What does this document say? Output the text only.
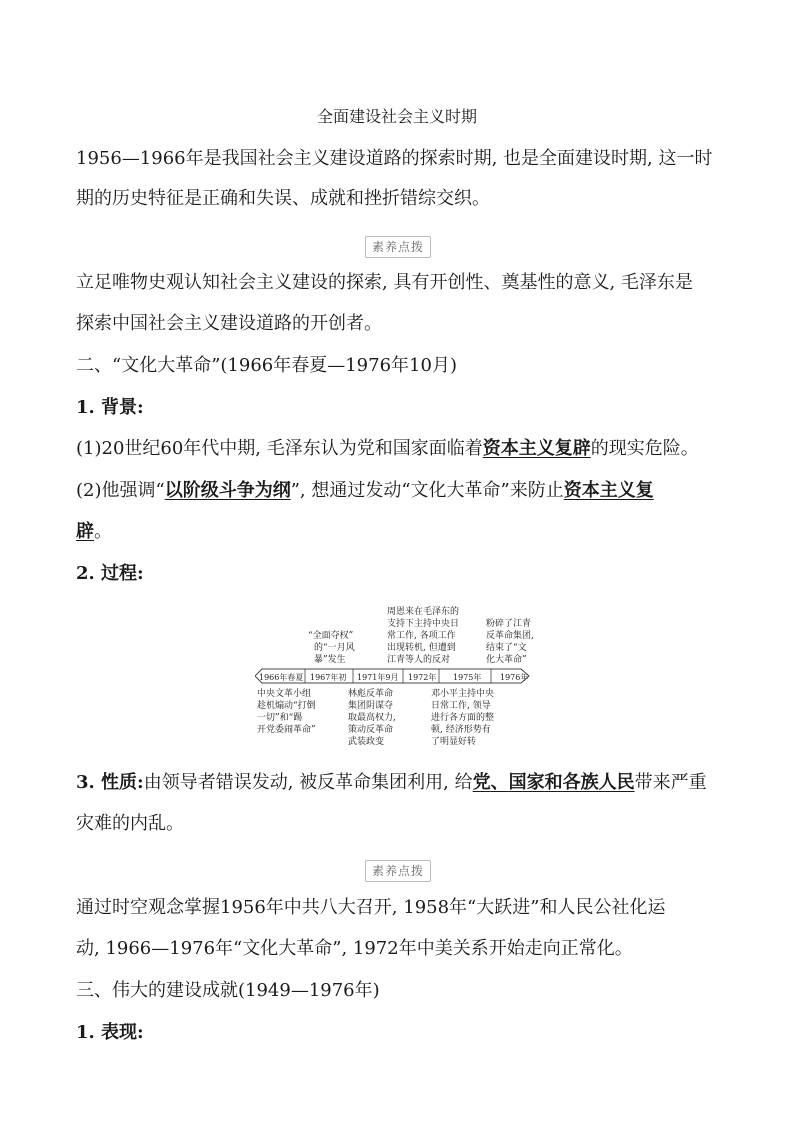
全面建设社会主义时期
1956—1966年是我国社会主义建设道路的探索时期, 也是全面建设时期, 这一时
期的历史特征是正确和失误、成就和挫折错综交织。
素养点拨
立足唯物史观认知社会主义建设的探索, 具有开创性、奠基性的意义, 毛泽东是
探索中国社会主义建设道路的开创者。
二、“文化大革命”(1966年春夏—1976年10月)
1. 背景:
(1)20世纪60年代中期, 毛泽东认为党和国家面临着资本主义复辟的现实危险。
(2)他强调“以阶级斗争为纲”, 想通过发动“文化大革命”来防止资本主义复
辟。
2. 过程:
1966年春夏 1967年初 1971年9月 1972年 1975年 1976年
“全面夺权”
的“一月风
暴”发生
周恩来在毛泽东的
支持下主持中央日
常工作, 各项工作
出现转机, 但遭到
江青等人的反对
粉碎了江青
反革命集团,
结束了“文
化大革命”
中央文革小组
趁机煽动“打倒
一切”和“踢
开党委闹革命”
林彪反革命
集团阴谋夺
取最高权力,
策动反革命
武装政变
邓小平主持中央
日常工作, 领导
进行各方面的整
顿, 经济形势有
了明显好转
3. 性质:由领导者错误发动, 被反革命集团利用, 给党、国家和各族人民带来严重
灾难的内乱。
素养点拨
通过时空观念掌握1956年中共八大召开, 1958年“大跃进”和人民公社化运
动, 1966—1976年“文化大革命”, 1972年中美关系开始走向正常化。
三、伟大的建设成就(1949—1976年)
1. 表现:
